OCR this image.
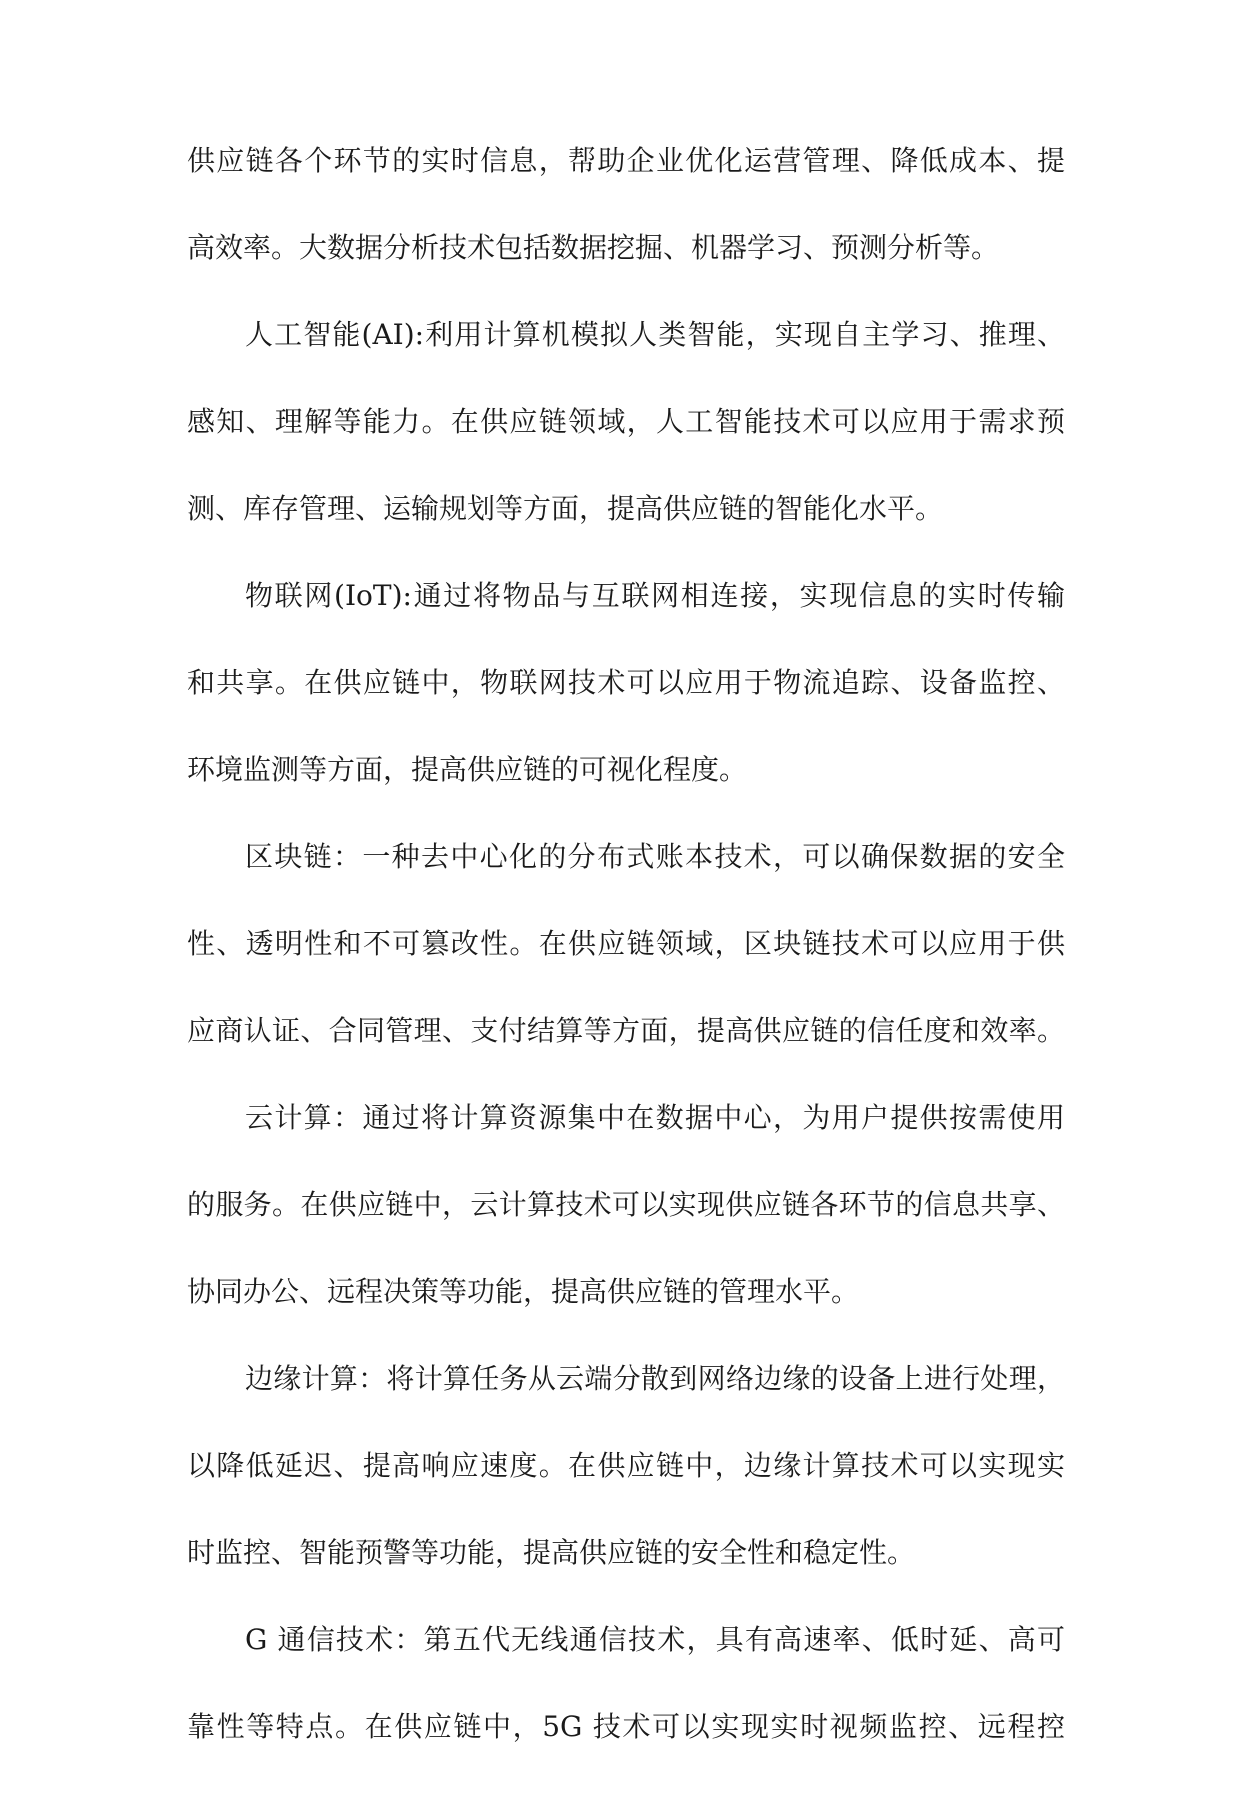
供应链各个环节的实时信息，帮助企业优化运营管理、降低成本、提
高效率。大数据分析技术包括数据挖掘、机器学习、预测分析等。
人工智能(AI):利用计算机模拟人类智能，实现自主学习、推理、
感知、理解等能力。在供应链领域，人工智能技术可以应用于需求预
测、库存管理、运输规划等方面，提高供应链的智能化水平。
物联网(IoT):通过将物品与互联网相连接，实现信息的实时传输
和共享。在供应链中，物联网技术可以应用于物流追踪、设备监控、
环境监测等方面，提高供应链的可视化程度。
区块链：一种去中心化的分布式账本技术，可以确保数据的安全
性、透明性和不可篡改性。在供应链领域，区块链技术可以应用于供
应商认证、合同管理、支付结算等方面，提高供应链的信任度和效率。
云计算：通过将计算资源集中在数据中心，为用户提供按需使用
的服务。在供应链中，云计算技术可以实现供应链各环节的信息共享、
协同办公、远程决策等功能，提高供应链的管理水平。
边缘计算：将计算任务从云端分散到网络边缘的设备上进行处理，
以降低延迟、提高响应速度。在供应链中，边缘计算技术可以实现实
时监控、智能预警等功能，提高供应链的安全性和稳定性。
G 通信技术：第五代无线通信技术，具有高速率、低时延、高可
靠性等特点。在供应链中，5G 技术可以实现实时视频监控、远程控
